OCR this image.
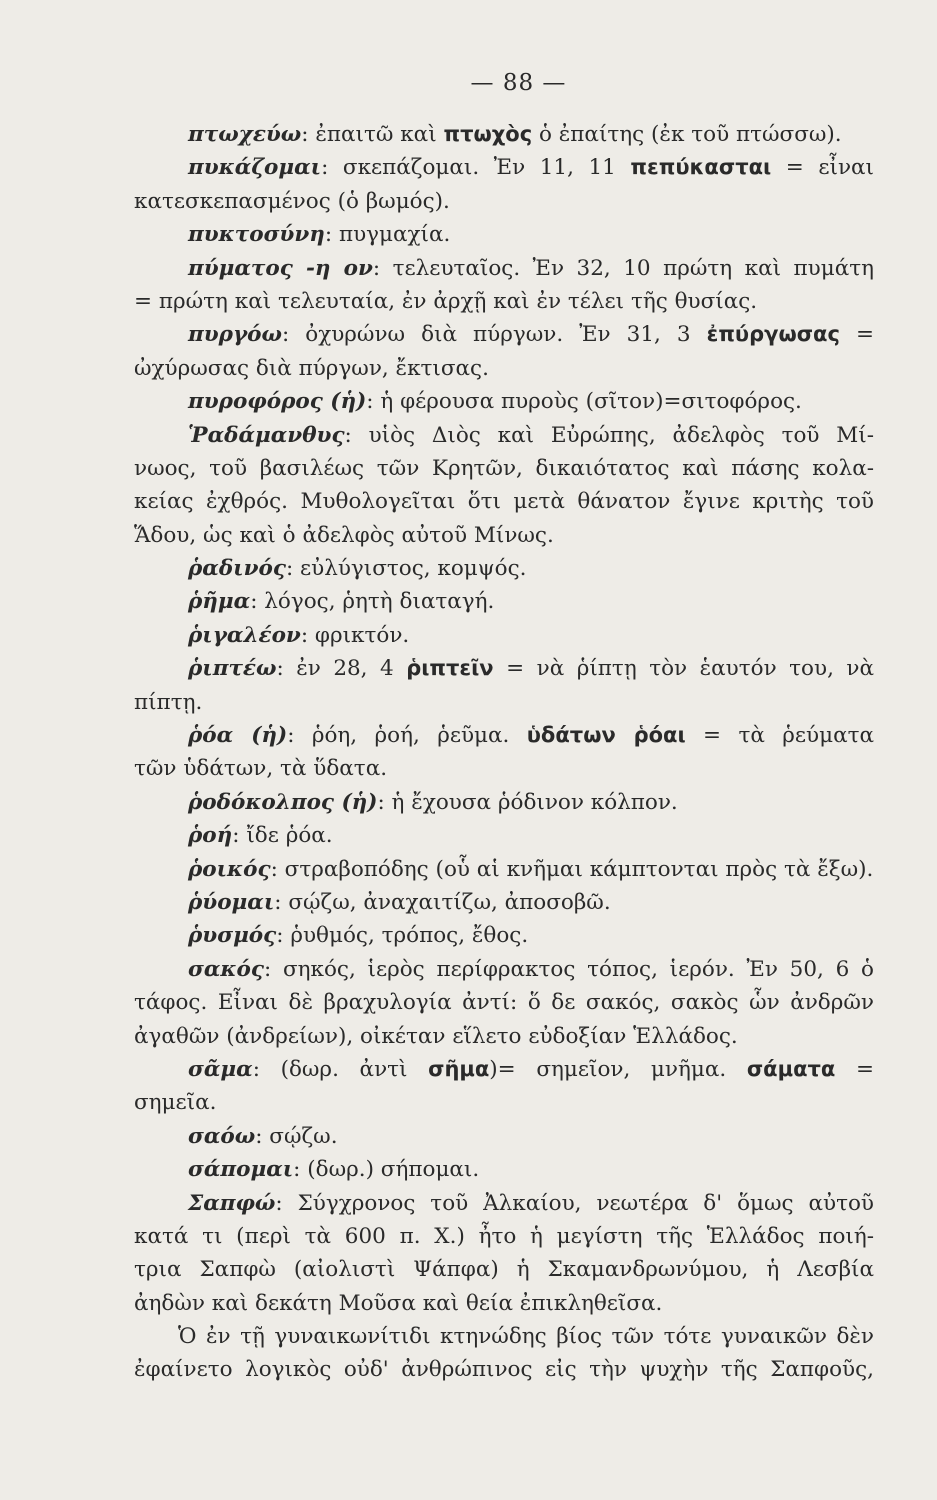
— 88 —
πτωχεύω: ἐπαιτῶ καὶ πτωχὸς ὁ ἐπαίτης (ἐκ τοῦ πτώσσω).
πυκάζομαι: σκεπάζομαι. Ἐν 11, 11 πεπύκασται = εἶναι
κατεσκεπασμένος (ὁ βωμός).
πυκτοσύνη: πυγμαχία.
πύματος -η ον: τελευταῖος. Ἐν 32, 10 πρώτη καὶ πυμάτη
= πρώτη καὶ τελευταία, ἐν ἀρχῇ καὶ ἐν τέλει τῆς θυσίας.
πυργόω: ὀχυρώνω διὰ πύργων. Ἐν 31, 3 ἐπύργωσας =
ὠχύρωσας διὰ πύργων, ἔκτισας.
πυροφόρος (ἡ): ἡ φέρουσα πυροὺς (σῖτον)=σιτοφόρος.
Ῥαδάμανθυς: υἱὸς Διὸς καὶ Εὐρώπης, ἀδελφὸς τοῦ Μί-
νωος, τοῦ βασιλέως τῶν Κρητῶν, δικαιότατος καὶ πάσης κολα-
κείας ἐχθρός. Μυθολογεῖται ὅτι μετὰ θάνατον ἔγινε κριτὴς τοῦ
Ἅδου, ὡς καὶ ὁ ἀδελφὸς αὐτοῦ Μίνως.
ῥαδινός: εὐλύγιστος, κομψός.
ῥῆμα: λόγος, ῥητὴ διαταγή.
ῥιγαλέον: φρικτόν.
ῥιπτέω: ἐν 28, 4 ῥιπτεῖν = νὰ ῥίπτῃ τὸν ἑαυτόν του, νὰ
πίπτῃ.
ῥόα (ἡ): ῥόη, ῥοή, ῥεῦμα. ὑδάτων ῥόαι = τὰ ῥεύματα
τῶν ὑδάτων, τὰ ὕδατα.
ῥοδόκολπος (ἡ): ἡ ἔχουσα ῥόδινον κόλπον.
ῥοή: ἴδε ῥόα.
ῥοικός: στραβοπόδης (οὗ αἱ κνῆμαι κάμπτονται πρὸς τὰ ἔξω).
ῥύομαι: σῴζω, ἀναχαιτίζω, ἀποσοβῶ.
ῥυσμός: ῥυθμός, τρόπος, ἔθος.
σακός: σηκός, ἱερὸς περίφρακτος τόπος, ἱερόν. Ἐν 50, 6 ὁ
τάφος. Εἶναι δὲ βραχυλογία ἀντί: ὅ δε σακός, σακὸς ὧν ἀνδρῶν
ἀγαθῶν (ἀνδρείων), οἰκέταν εἵλετο εὐδοξίαν Ἑλλάδος.
σᾶμα: (δωρ. ἀντὶ σῆμα)= σημεῖον, μνῆμα. σάματα =
σημεῖα.
σαόω: σῴζω.
σάπομαι: (δωρ.) σήπομαι.
Σαπφώ: Σύγχρονος τοῦ Ἀλκαίου, νεωτέρα δ' ὅμως αὐτοῦ
κατά τι (περὶ τὰ 600 π. Χ.) ἦτο ἡ μεγίστη τῆς Ἑλλάδος ποιή-
τρια Σαπφὼ (αἰολιστὶ Ψάπφα) ἡ Σκαμανδρωνύμου, ἡ Λεσβία
ἀηδὼν καὶ δεκάτη Μοῦσα καὶ θεία ἐπικληθεῖσα.
Ὁ ἐν τῇ γυναικωνίτιδι κτηνώδης βίος τῶν τότε γυναικῶν δὲν
ἐφαίνετο λογικὸς οὐδ' ἀνθρώπινος εἰς τὴν ψυχὴν τῆς Σαπφοῦς,
